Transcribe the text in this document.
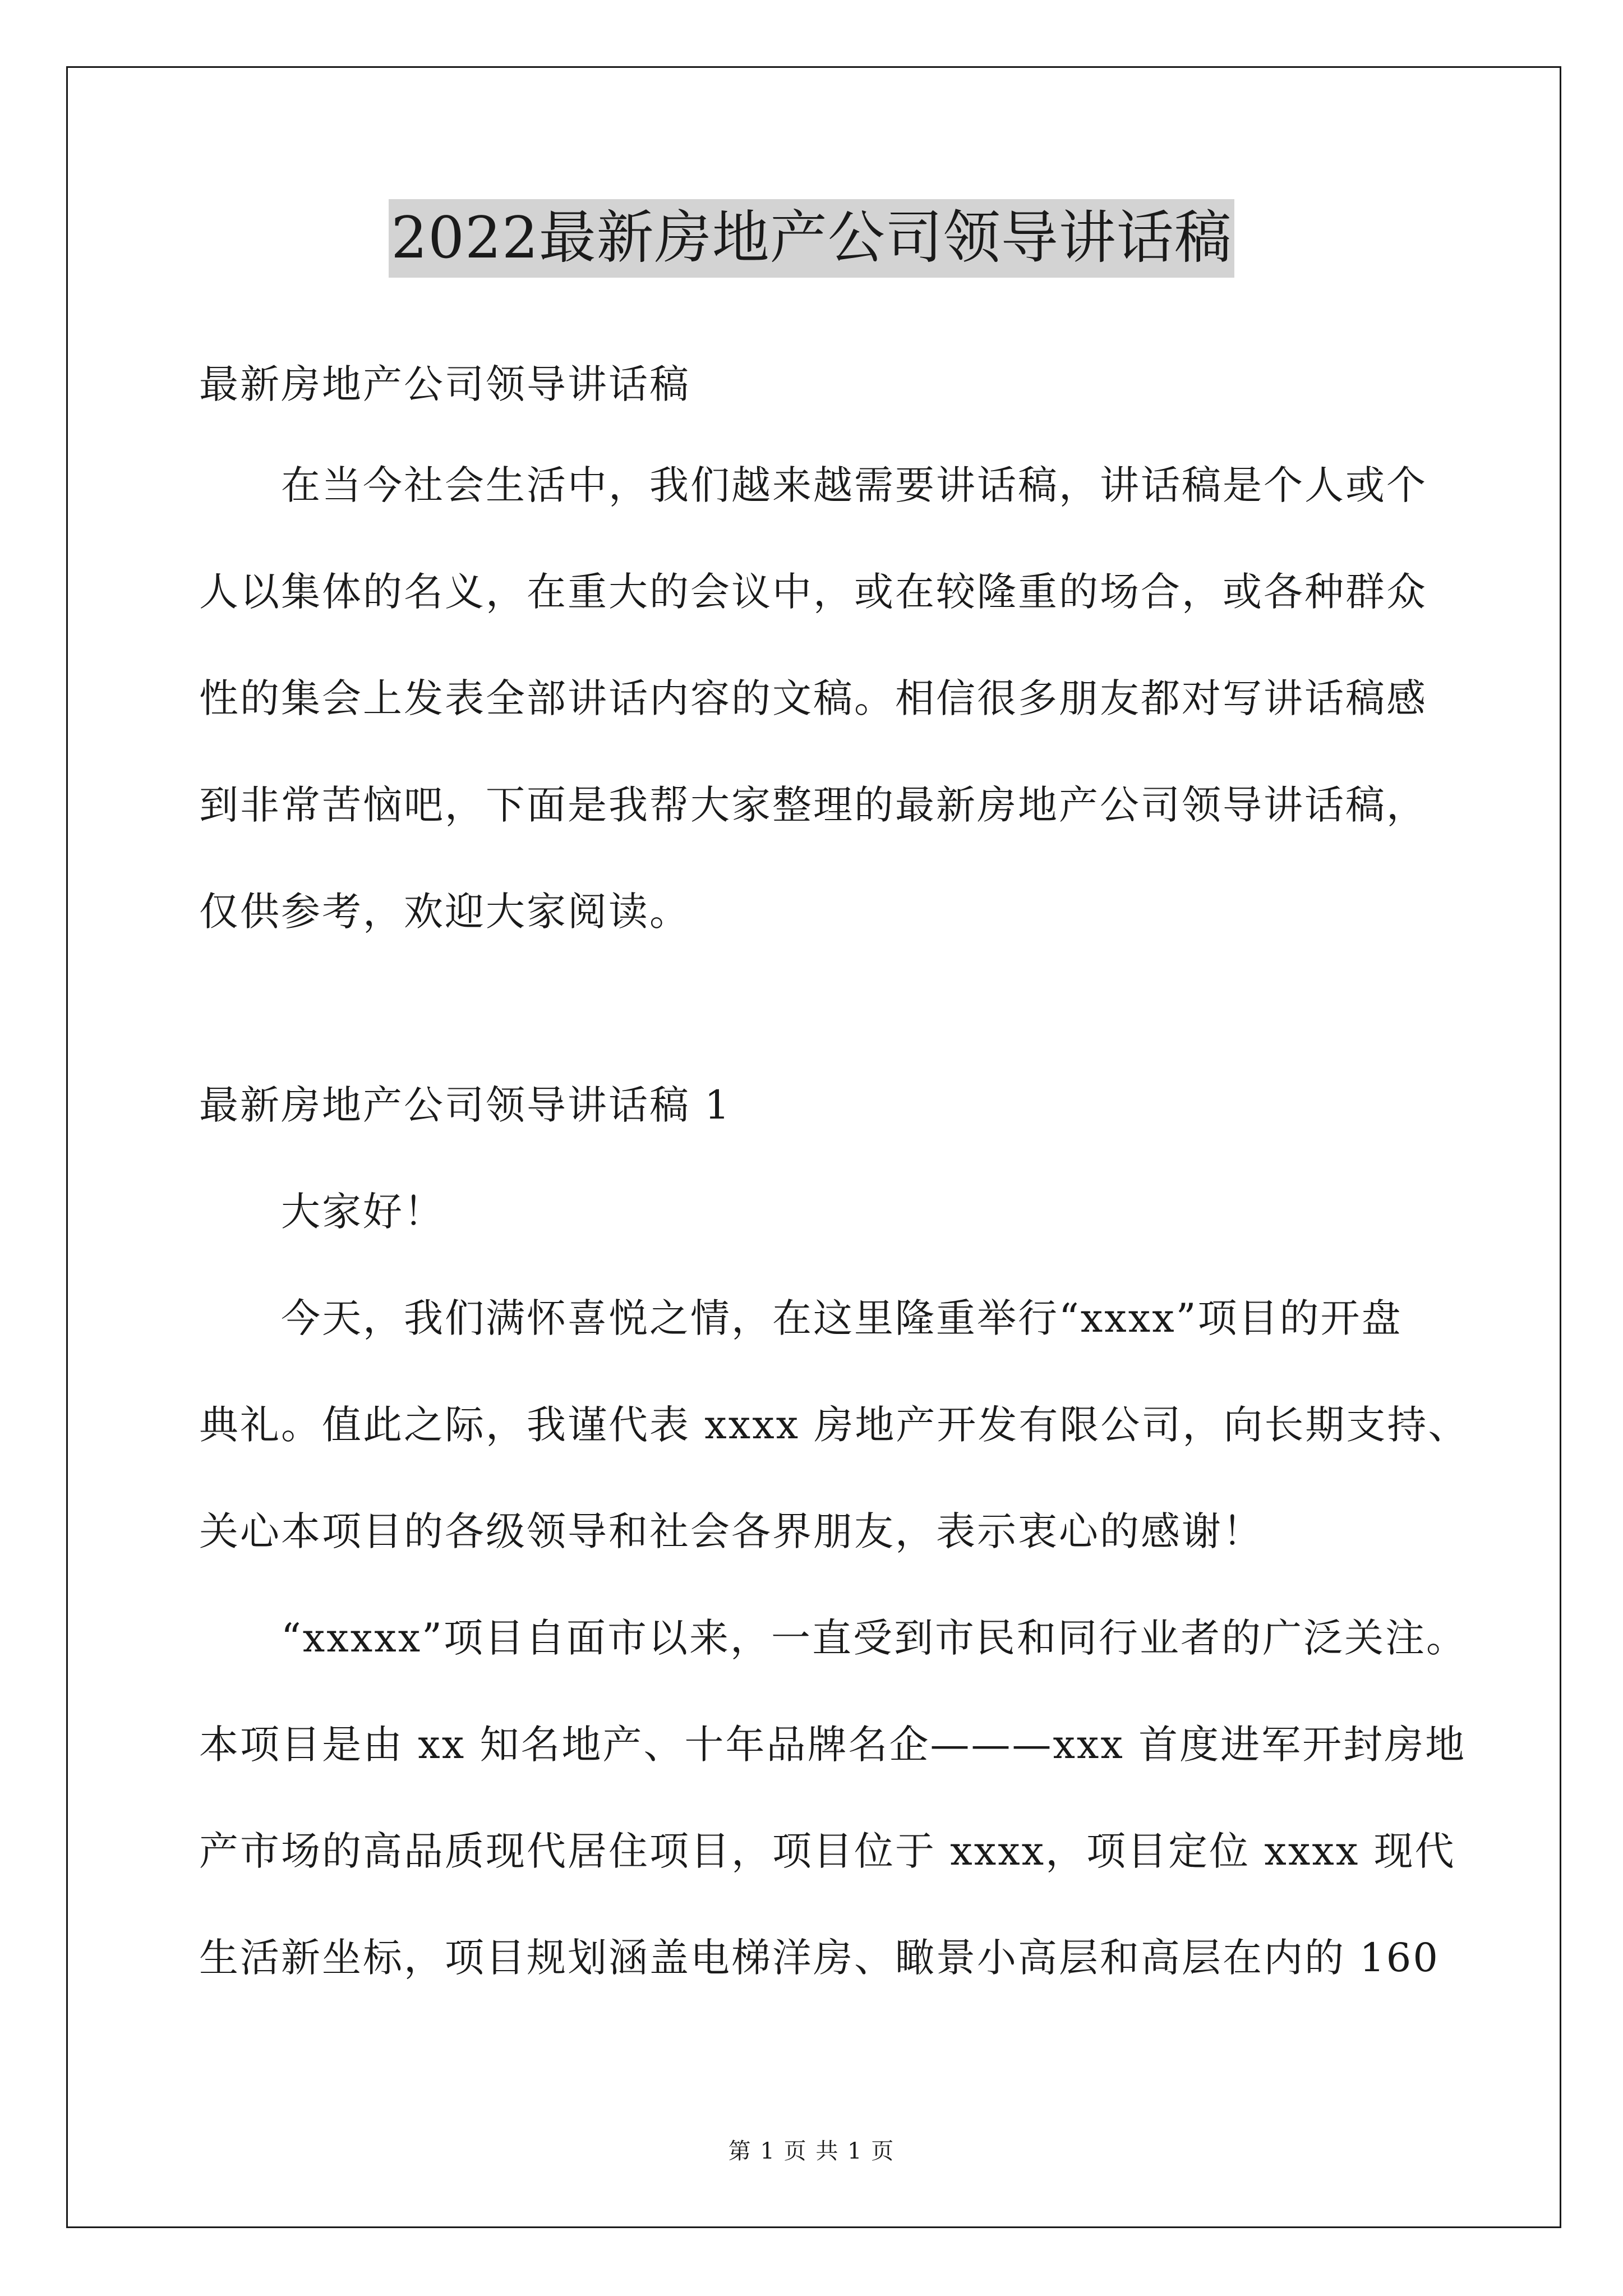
2022最新房地产公司领导讲话稿
最新房地产公司领导讲话稿
在当今社会生活中，我们越来越需要讲话稿，讲话稿是个人或个
人以集体的名义，在重大的会议中，或在较隆重的场合，或各种群众
性的集会上发表全部讲话内容的文稿。相信很多朋友都对写讲话稿感
到非常苦恼吧，下面是我帮大家整理的最新房地产公司领导讲话稿，
仅供参考，欢迎大家阅读。
最新房地产公司领导讲话稿 1
大家好！
今天，我们满怀喜悦之情，在这里隆重举行“xxxx”项目的开盘
典礼。值此之际，我谨代表 xxxx 房地产开发有限公司，向长期支持、
关心本项目的各级领导和社会各界朋友，表示衷心的感谢！
“xxxxx”项目自面市以来，一直受到市民和同行业者的广泛关注。
本项目是由 xx 知名地产、十年品牌名企———xxx 首度进军开封房地
产市场的高品质现代居住项目，项目位于 xxxx，项目定位 xxxx 现代
生活新坐标，项目规划涵盖电梯洋房、瞰景小高层和高层在内的 160
第 1 页 共 1 页
